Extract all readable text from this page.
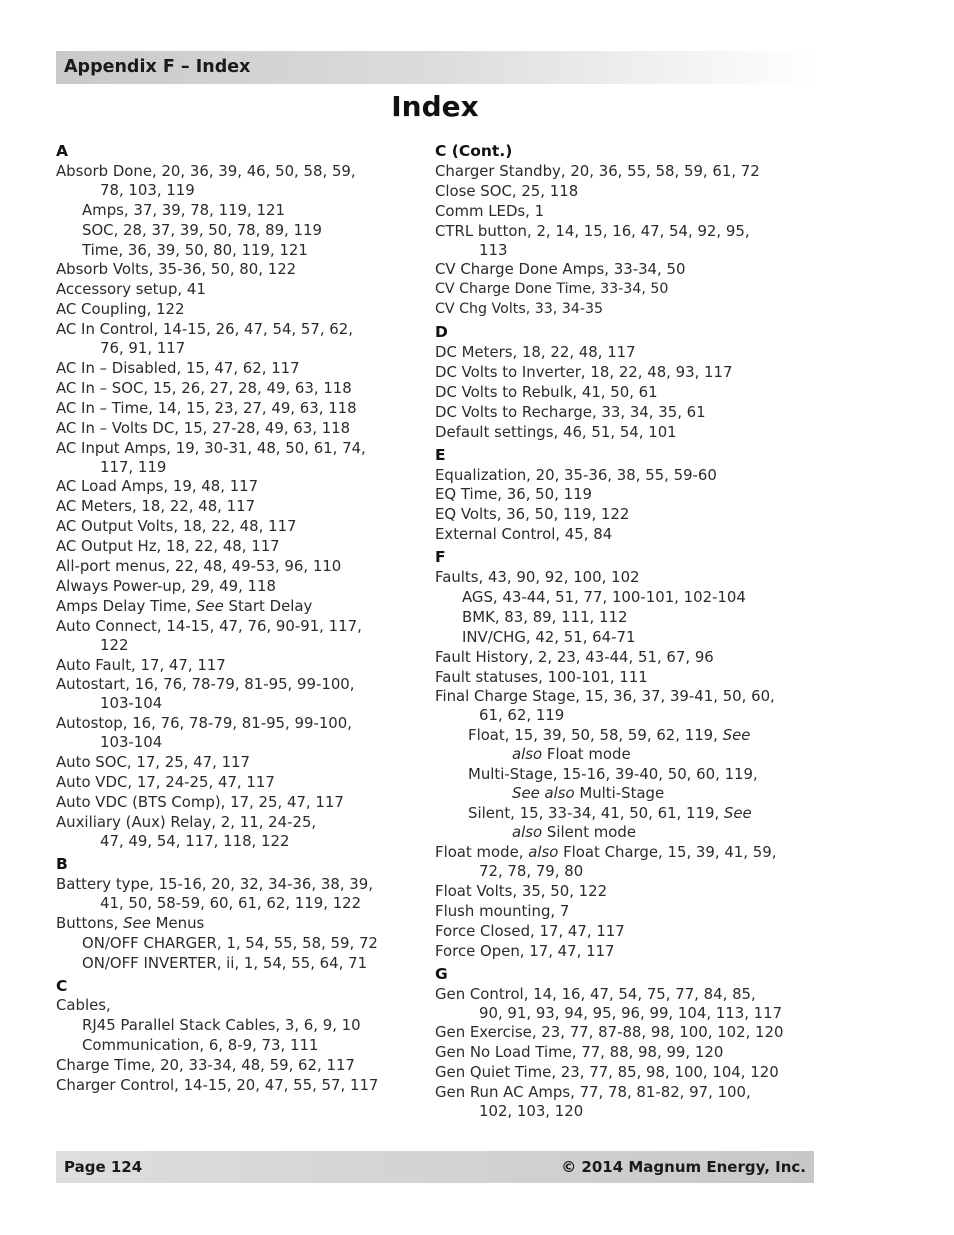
Appendix F – Index
Index
A
Absorb Done, 20, 36, 39, 46, 50, 58, 59,
78, 103, 119
Amps, 37, 39, 78, 119, 121
SOC, 28, 37, 39, 50, 78, 89, 119
Time, 36, 39, 50, 80, 119, 121
Absorb Volts, 35-36, 50, 80, 122
Accessory setup, 41
AC Coupling, 122
AC In Control, 14-15, 26, 47, 54, 57, 62,
76, 91, 117
AC In – Disabled, 15, 47, 62, 117
AC In – SOC, 15, 26, 27, 28, 49, 63, 118
AC In – Time, 14, 15, 23, 27, 49, 63, 118
AC In – Volts DC, 15, 27-28, 49, 63, 118
AC Input Amps, 19, 30-31, 48, 50, 61, 74,
117, 119
AC Load Amps, 19, 48, 117
AC Meters, 18, 22, 48, 117
AC Output Volts, 18, 22, 48, 117
AC Output Hz, 18, 22, 48, 117
All-port menus, 22, 48, 49-53, 96, 110
Always Power-up, 29, 49, 118
Amps Delay Time, See Start Delay
Auto Connect, 14-15, 47, 76, 90-91, 117,
122
Auto Fault, 17, 47, 117
Autostart, 16, 76, 78-79, 81-95, 99-100,
103-104
Autostop, 16, 76, 78-79, 81-95, 99-100,
103-104
Auto SOC, 17, 25, 47, 117
Auto VDC, 17, 24-25, 47, 117
Auto VDC (BTS Comp), 17, 25, 47, 117
Auxiliary (Aux) Relay, 2, 11, 24-25,
47, 49, 54, 117, 118, 122
B
Battery type, 15-16, 20, 32, 34-36, 38, 39,
41, 50, 58-59, 60, 61, 62, 119, 122
Buttons, See Menus
ON/OFF CHARGER, 1, 54, 55, 58, 59, 72
ON/OFF INVERTER, ii, 1, 54, 55, 64, 71
C
Cables,
RJ45 Parallel Stack Cables, 3, 6, 9, 10
Communication, 6, 8-9, 73, 111
Charge Time, 20, 33-34, 48, 59, 62, 117
Charger Control, 14-15, 20, 47, 55, 57, 117
C (Cont.)
Charger Standby, 20, 36, 55, 58, 59, 61, 72
Close SOC, 25, 118
Comm LEDs, 1
CTRL button, 2, 14, 15, 16, 47, 54, 92, 95,
113
CV Charge Done Amps, 33-34, 50
CV Charge Done Time, 33-34, 50
CV Chg Volts, 33, 34-35
D
DC Meters, 18, 22, 48, 117
DC Volts to Inverter, 18, 22, 48, 93, 117
DC Volts to Rebulk, 41, 50, 61
DC Volts to Recharge, 33, 34, 35, 61
Default settings, 46, 51, 54, 101
E
Equalization, 20, 35-36, 38, 55, 59-60
EQ Time, 36, 50, 119
EQ Volts, 36, 50, 119, 122
External Control, 45, 84
F
Faults, 43, 90, 92, 100, 102
AGS, 43-44, 51, 77, 100-101, 102-104
BMK, 83, 89, 111, 112
INV/CHG, 42, 51, 64-71
Fault History, 2, 23, 43-44, 51, 67, 96
Fault statuses, 100-101, 111
Final Charge Stage, 15, 36, 37, 39-41, 50, 60,
61, 62, 119
Float, 15, 39, 50, 58, 59, 62, 119, See
also Float mode
Multi-Stage, 15-16, 39-40, 50, 60, 119,
See also Multi-Stage
Silent, 15, 33-34, 41, 50, 61, 119, See
also Silent mode
Float mode, also Float Charge, 15, 39, 41, 59,
72, 78, 79, 80
Float Volts, 35, 50, 122
Flush mounting, 7
Force Closed, 17, 47, 117
Force Open, 17, 47, 117
G
Gen Control, 14, 16, 47, 54, 75, 77, 84, 85,
90, 91, 93, 94, 95, 96, 99, 104, 113, 117
Gen Exercise, 23, 77, 87-88, 98, 100, 102, 120
Gen No Load Time, 77, 88, 98, 99, 120
Gen Quiet Time, 23, 77, 85, 98, 100, 104, 120
Gen Run AC Amps, 77, 78, 81-82, 97, 100,
102, 103, 120
Page 124	© 2014 Magnum Energy, Inc.
